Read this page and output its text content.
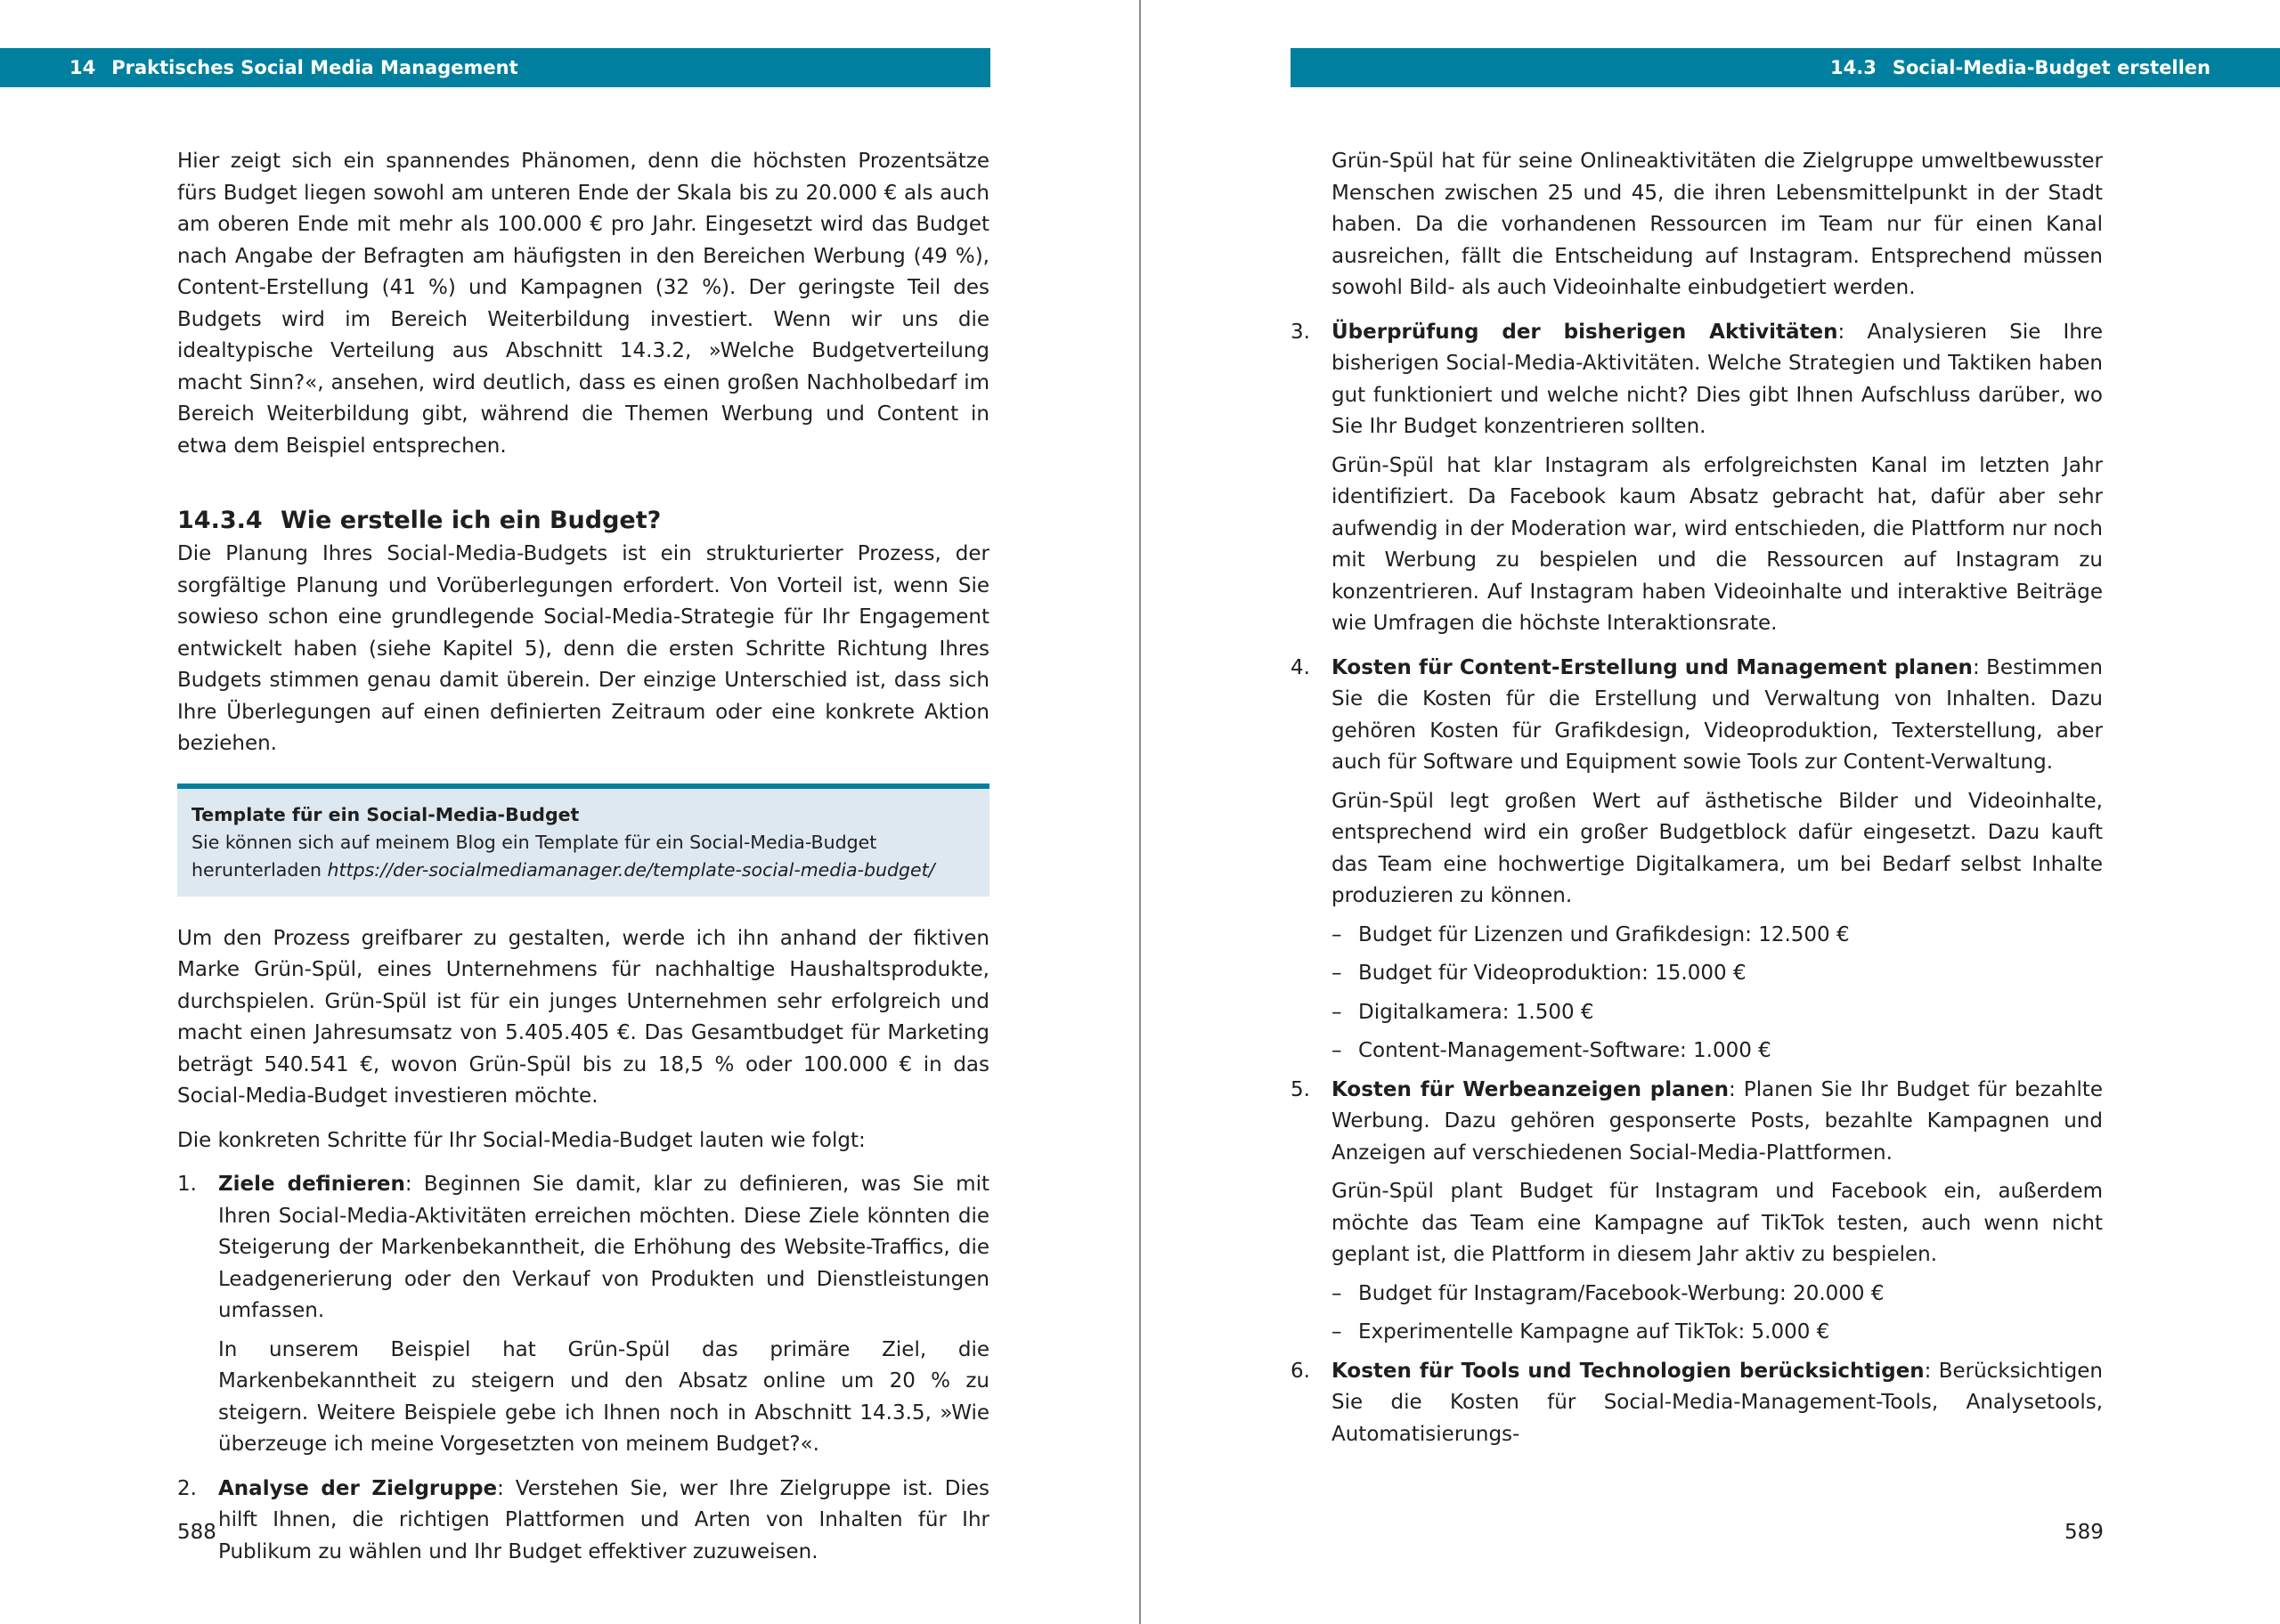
14 Praktisches Social Media Management

Hier zeigt sich ein spannendes Phänomen, denn die höchsten Prozentsätze fürs Budget liegen sowohl am unteren Ende der Skala bis zu 20.000 € als auch am oberen Ende mit mehr als 100.000 € pro Jahr. Eingesetzt wird das Budget nach Angabe der Befragten am häufigsten in den Bereichen Werbung (49 %), Content-Erstellung (41 %) und Kampagnen (32 %). Der geringste Teil des Budgets wird im Bereich Weiterbildung investiert. Wenn wir uns die idealtypische Verteilung aus Abschnitt 14.3.2, »Welche Budgetverteilung macht Sinn?«, ansehen, wird deutlich, dass es einen großen Nachholbedarf im Bereich Weiterbildung gibt, während die Themen Werbung und Content in etwa dem Beispiel entsprechen.

14.3.4 Wie erstelle ich ein Budget?

Die Planung Ihres Social-Media-Budgets ist ein strukturierter Prozess, der sorgfältige Planung und Vorüberlegungen erfordert. Von Vorteil ist, wenn Sie sowieso schon eine grundlegende Social-Media-Strategie für Ihr Engagement entwickelt haben (siehe Kapitel 5), denn die ersten Schritte Richtung Ihres Budgets stimmen genau damit überein. Der einzige Unterschied ist, dass sich Ihre Überlegungen auf einen definierten Zeitraum oder eine konkrete Aktion beziehen.

Template für ein Social-Media-Budget
Sie können sich auf meinem Blog ein Template für ein Social-Media-Budget herunterladen https://der-socialmediamanager.de/template-social-media-budget/

Um den Prozess greifbarer zu gestalten, werde ich ihn anhand der fiktiven Marke Grün-Spül, eines Unternehmens für nachhaltige Haushaltsprodukte, durchspielen. Grün-Spül ist für ein junges Unternehmen sehr erfolgreich und macht einen Jahresumsatz von 5.405.405 €. Das Gesamtbudget für Marketing beträgt 540.541 €, wovon Grün-Spül bis zu 18,5 % oder 100.000 € in das Social-Media-Budget investieren möchte.

Die konkreten Schritte für Ihr Social-Media-Budget lauten wie folgt:

1. Ziele definieren: Beginnen Sie damit, klar zu definieren, was Sie mit Ihren Social-Media-Aktivitäten erreichen möchten. Diese Ziele könnten die Steigerung der Markenbekanntheit, die Erhöhung des Website-Traffics, die Leadgenerierung oder den Verkauf von Produkten und Dienstleistungen umfassen.

In unserem Beispiel hat Grün-Spül das primäre Ziel, die Markenbekanntheit zu steigern und den Absatz online um 20 % zu steigern. Weitere Beispiele gebe ich Ihnen noch in Abschnitt 14.3.5, »Wie überzeuge ich meine Vorgesetzten von meinem Budget?«.

2. Analyse der Zielgruppe: Verstehen Sie, wer Ihre Zielgruppe ist. Dies hilft Ihnen, die richtigen Plattformen und Arten von Inhalten für Ihr Publikum zu wählen und Ihr Budget effektiver zuzuweisen.

588
14.3 Social-Media-Budget erstellen

Grün-Spül hat für seine Onlineaktivitäten die Zielgruppe umweltbewusster Menschen zwischen 25 und 45, die ihren Lebensmittelpunkt in der Stadt haben. Da die vorhandenen Ressourcen im Team nur für einen Kanal ausreichen, fällt die Entscheidung auf Instagram. Entsprechend müssen sowohl Bild- als auch Videoinhalte einbudgetiert werden.

3. Überprüfung der bisherigen Aktivitäten: Analysieren Sie Ihre bisherigen Social-Media-Aktivitäten. Welche Strategien und Taktiken haben gut funktioniert und welche nicht? Dies gibt Ihnen Aufschluss darüber, wo Sie Ihr Budget konzentrieren sollten.

Grün-Spül hat klar Instagram als erfolgreichsten Kanal im letzten Jahr identifiziert. Da Facebook kaum Absatz gebracht hat, dafür aber sehr aufwendig in der Moderation war, wird entschieden, die Plattform nur noch mit Werbung zu bespielen und die Ressourcen auf Instagram zu konzentrieren. Auf Instagram haben Videoinhalte und interaktive Beiträge wie Umfragen die höchste Interaktionsrate.

4. Kosten für Content-Erstellung und Management planen: Bestimmen Sie die Kosten für die Erstellung und Verwaltung von Inhalten. Dazu gehören Kosten für Grafikdesign, Videoproduktion, Texterstellung, aber auch für Software und Equipment sowie Tools zur Content-Verwaltung.

Grün-Spül legt großen Wert auf ästhetische Bilder und Videoinhalte, entsprechend wird ein großer Budgetblock dafür eingesetzt. Dazu kauft das Team eine hochwertige Digitalkamera, um bei Bedarf selbst Inhalte produzieren zu können.

– Budget für Lizenzen und Grafikdesign: 12.500 €
– Budget für Videoproduktion: 15.000 €
– Digitalkamera: 1.500 €
– Content-Management-Software: 1.000 €
5. Kosten für Werbeanzeigen planen: Planen Sie Ihr Budget für bezahlte Werbung. Dazu gehören gesponserte Posts, bezahlte Kampagnen und Anzeigen auf verschiedenen Social-Media-Plattformen.

Grün-Spül plant Budget für Instagram und Facebook ein, außerdem möchte das Team eine Kampagne auf TikTok testen, auch wenn nicht geplant ist, die Plattform in diesem Jahr aktiv zu bespielen.

– Budget für Instagram/Facebook-Werbung: 20.000 €
– Experimentelle Kampagne auf TikTok: 5.000 €
6. Kosten für Tools und Technologien berücksichtigen: Berücksichtigen Sie die Kosten für Social-Media-Management-Tools, Analysetools, Automatisierungs-

589
